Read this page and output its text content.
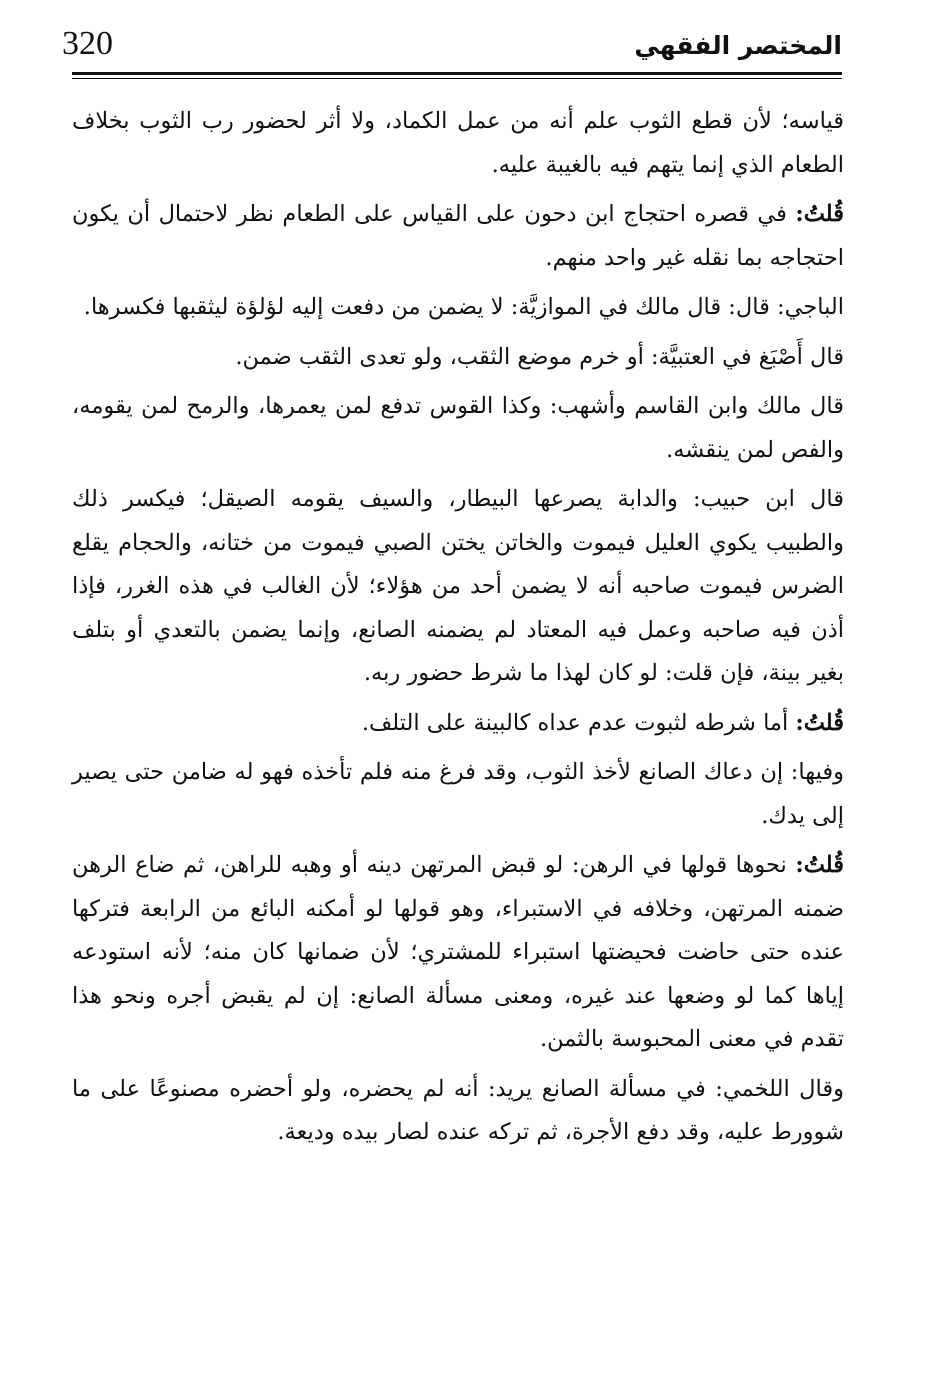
320	المختصر الفقهي

قياسه؛ لأن قطع الثوب علم أنه من عمل الكماد، ولا أثر لحضور رب الثوب بخلاف الطعام الذي إنما يتهم فيه بالغيبة عليه.

قُلتُ: في قصره احتجاج ابن دحون على القياس على الطعام نظر لاحتمال أن يكون احتجاجه بما نقله غير واحد منهم.

الباجي: قال: قال مالك في الموازيَّة: لا يضمن من دفعت إليه لؤلؤة ليثقبها فكسرها.

قال أَصْبَغ في العتبيَّة: أو خرم موضع الثقب، ولو تعدى الثقب ضمن.

قال مالك وابن القاسم وأشهب: وكذا القوس تدفع لمن يعمرها، والرمح لمن يقومه، والفص لمن ينقشه.

قال ابن حبيب: والدابة يصرعها البيطار، والسيف يقومه الصيقل؛ فيكسر ذلك والطبيب يكوي العليل فيموت والخاتن يختن الصبي فيموت من ختانه، والحجام يقلع الضرس فيموت صاحبه أنه لا يضمن أحد من هؤلاء؛ لأن الغالب في هذه الغرر، فإذا أذن فيه صاحبه وعمل فيه المعتاد لم يضمنه الصانع، وإنما يضمن بالتعدي أو بتلف بغير بينة، فإن قلت: لو كان لهذا ما شرط حضور ربه.

قُلتُ: أما شرطه لثبوت عدم عداه كالبينة على التلف.

وفيها: إن دعاك الصانع لأخذ الثوب، وقد فرغ منه فلم تأخذه فهو له ضامن حتى يصير إلى يدك.

قُلتُ: نحوها قولها في الرهن: لو قبض المرتهن دينه أو وهبه للراهن، ثم ضاع الرهن ضمنه المرتهن، وخلافه في الاستبراء، وهو قولها لو أمكنه البائع من الرابعة فتركها عنده حتى حاضت فحيضتها استبراء للمشتري؛ لأن ضمانها كان منه؛ لأنه استودعه إياها كما لو وضعها عند غيره، ومعنى مسألة الصانع: إن لم يقبض أجره ونحو هذا تقدم في معنى المحبوسة بالثمن.

وقال اللخمي: في مسألة الصانع يريد: أنه لم يحضره، ولو أحضره مصنوعًا على ما شوورط عليه، وقد دفع الأجرة، ثم تركه عنده لصار بيده وديعة.
